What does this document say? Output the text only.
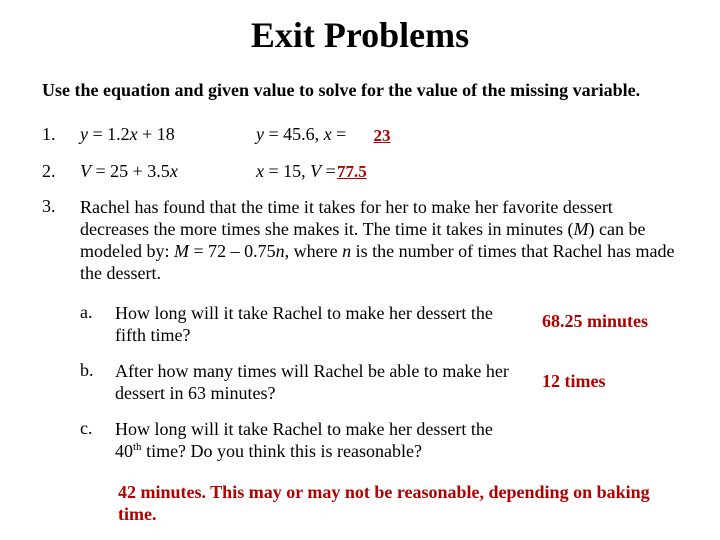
Exit Problems
Use the equation and given value to solve for the value of the missing variable.
1. y = 1.2x + 18	y = 45.6, x =	23
2. V = 25 + 3.5x	x = 15, V = 77.5
3. Rachel has found that the time it takes for her to make her favorite dessert decreases the more times she makes it. The time it takes in minutes (M) can be modeled by: M = 72 – 0.75n, where n is the number of times that Rachel has made the dessert.
a. How long will it take Rachel to make her dessert the fifth time?
68.25 minutes
b. After how many times will Rachel be able to make her dessert in 63 minutes?
12 times
c. How long will it take Rachel to make her dessert the 40th time? Do you think this is reasonable?
42 minutes. This may or may not be reasonable, depending on baking time.
